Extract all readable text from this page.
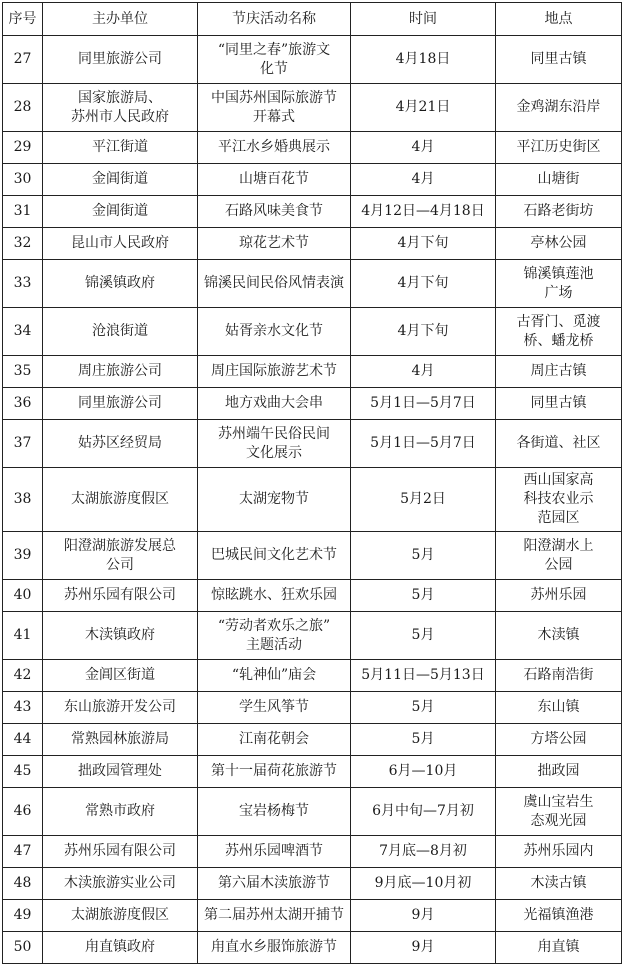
序号	主办单位	节庆活动名称	时间	地点
27	同里旅游公司	“同里之春”旅游文
化节	4月18日	同里古镇
28	国家旅游局、
苏州市人民政府	中国苏州国际旅游节
开幕式	4月21日	金鸡湖东沿岸
29	平江街道	平江水乡婚典展示	4月	平江历史街区
30	金阊街道	山塘百花节	4月	山塘街
31	金阊街道	石路风味美食节	4月12日—4月18日	石路老街坊
32	昆山市人民政府	琼花艺术节	4月下旬	亭林公园
33	锦溪镇政府	锦溪民间民俗风情表演	4月下旬	锦溪镇莲池
广场
34	沧浪街道	姑胥亲水文化节	4月下旬	古胥门、觅渡
桥、蟠龙桥
35	周庄旅游公司	周庄国际旅游艺术节	4月	周庄古镇
36	同里旅游公司	地方戏曲大会串	5月1日—5月7日	同里古镇
37	姑苏区经贸局	苏州端午民俗民间
文化展示	5月1日—5月7日	各街道、社区
38	太湖旅游度假区	太湖宠物节	5月2日	西山国家高
科技农业示
范园区
39	阳澄湖旅游发展总
公司	巴城民间文化艺术节	5月	阳澄湖水上
公园
40	苏州乐园有限公司	惊眩跳水、狂欢乐园	5月	苏州乐园
41	木渎镇政府	“劳动者欢乐之旅”
主题活动	5月	木渎镇
42	金阊区街道	“轧神仙”庙会	5月11日—5月13日	石路南浩街
43	东山旅游开发公司	学生风筝节	5月	东山镇
44	常熟园林旅游局	江南花朝会	5月	方塔公园
45	拙政园管理处	第十一届荷花旅游节	6月—10月	拙政园
46	常熟市政府	宝岩杨梅节	6月中旬—7月初	虞山宝岩生
态观光园
47	苏州乐园有限公司	苏州乐园啤酒节	7月底—8月初	苏州乐园内
48	木渎旅游实业公司	第六届木渎旅游节	9月底—10月初	木渎古镇
49	太湖旅游度假区	第二届苏州太湖开捕节	9月	光福镇渔港
50	甪直镇政府	甪直水乡服饰旅游节	9月	甪直镇
